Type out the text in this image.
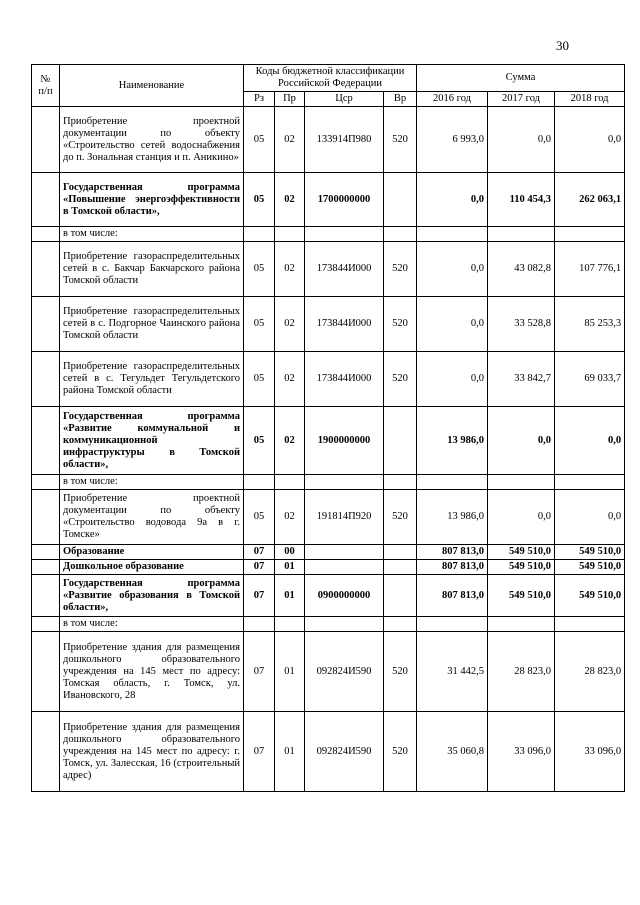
30
№ п/п	Наименование	Коды бюджетной классификации Российской Федерации				Сумма		
		Рз	Пр	Цср	Вр	2016 год	2017 год	2018 год
	Приобретение проектной документации по объекту «Строительство сетей водоснабжения до п. Зональная станция и п. Аникино»	05	02	133914П980	520	6 993,0	0,0	0,0
	Государственная программа «Повышение энергоэффективности в Томской области»,	05	02	1700000000		0,0	110 454,3	262 063,1
	в том числе:							
	Приобретение газораспределительных сетей в с. Бакчар Бакчарского района Томской области	05	02	173844И000	520	0,0	43 082,8	107 776,1
	Приобретение газораспределительных сетей в с. Подгорное Чаинского района Томской области	05	02	173844И000	520	0,0	33 528,8	85 253,3
	Приобретение газораспределительных сетей в с. Тегульдет Тегульдетского района Томской области	05	02	173844И000	520	0,0	33 842,7	69 033,7
	Государственная программа «Развитие коммунальной и коммуникационной инфраструктуры в Томской области»,	05	02	1900000000		13 986,0	0,0	0,0
	в том числе:							
	Приобретение проектной документации по объекту «Строительство водовода 9а в г. Томске»	05	02	191814П920	520	13 986,0	0,0	0,0
	Образование	07	00			807 813,0	549 510,0	549 510,0
	Дошкольное образование	07	01			807 813,0	549 510,0	549 510,0
	Государственная программа «Развитие образования в Томской области»,	07	01	0900000000		807 813,0	549 510,0	549 510,0
	в том числе:							
	Приобретение здания для размещения дошкольного образовательного учреждения на 145 мест по адресу: Томская область, г. Томск, ул. Ивановского, 28	07	01	092824И590	520	31 442,5	28 823,0	28 823,0
	Приобретение здания для размещения дошкольного образовательного учреждения на 145 мест по адресу: г. Томск, ул. Залесская, 16 (строительный адрес)	07	01	092824И590	520	35 060,8	33 096,0	33 096,0
